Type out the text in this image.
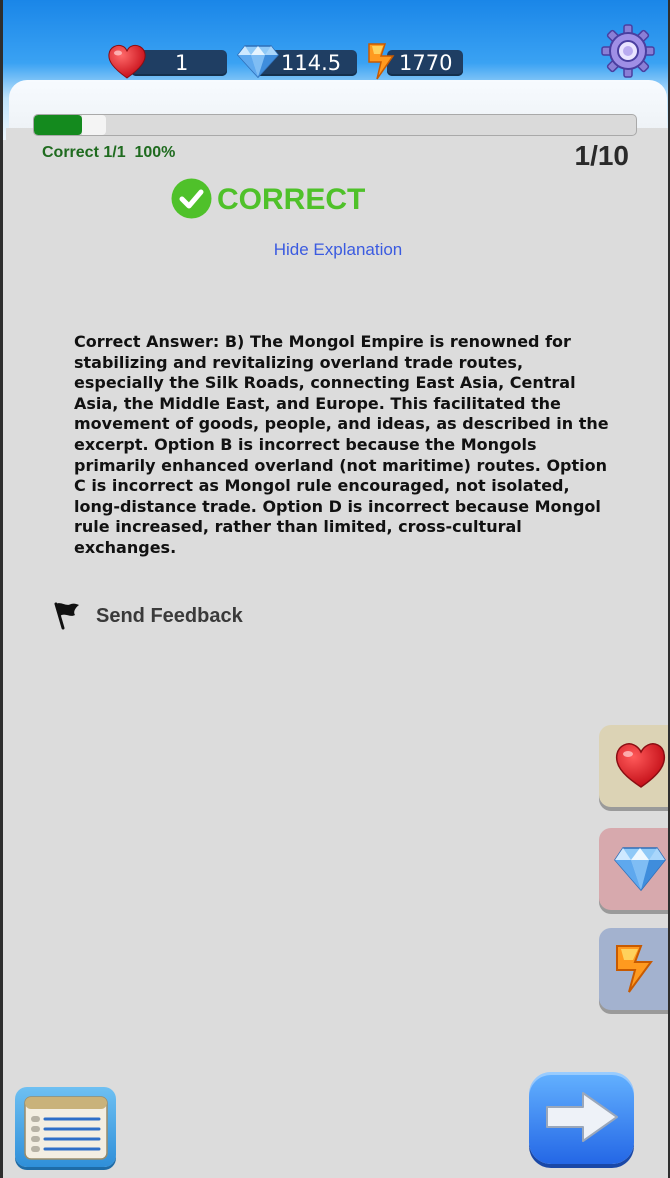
1	114.5	1770
Correct 1/1  100%	1/10
CORRECT
Hide Explanation
Correct Answer: B) The Mongol Empire is renowned for stabilizing and revitalizing overland trade routes, especially the Silk Roads, connecting East Asia, Central Asia, the Middle East, and Europe. This facilitated the movement of goods, people, and ideas, as described in the excerpt. Option B is incorrect because the Mongols primarily enhanced overland (not maritime) routes. Option C is incorrect as Mongol rule encouraged, not isolated, long-distance trade. Option D is incorrect because Mongol rule increased, rather than limited, cross-cultural exchanges.
Send Feedback
